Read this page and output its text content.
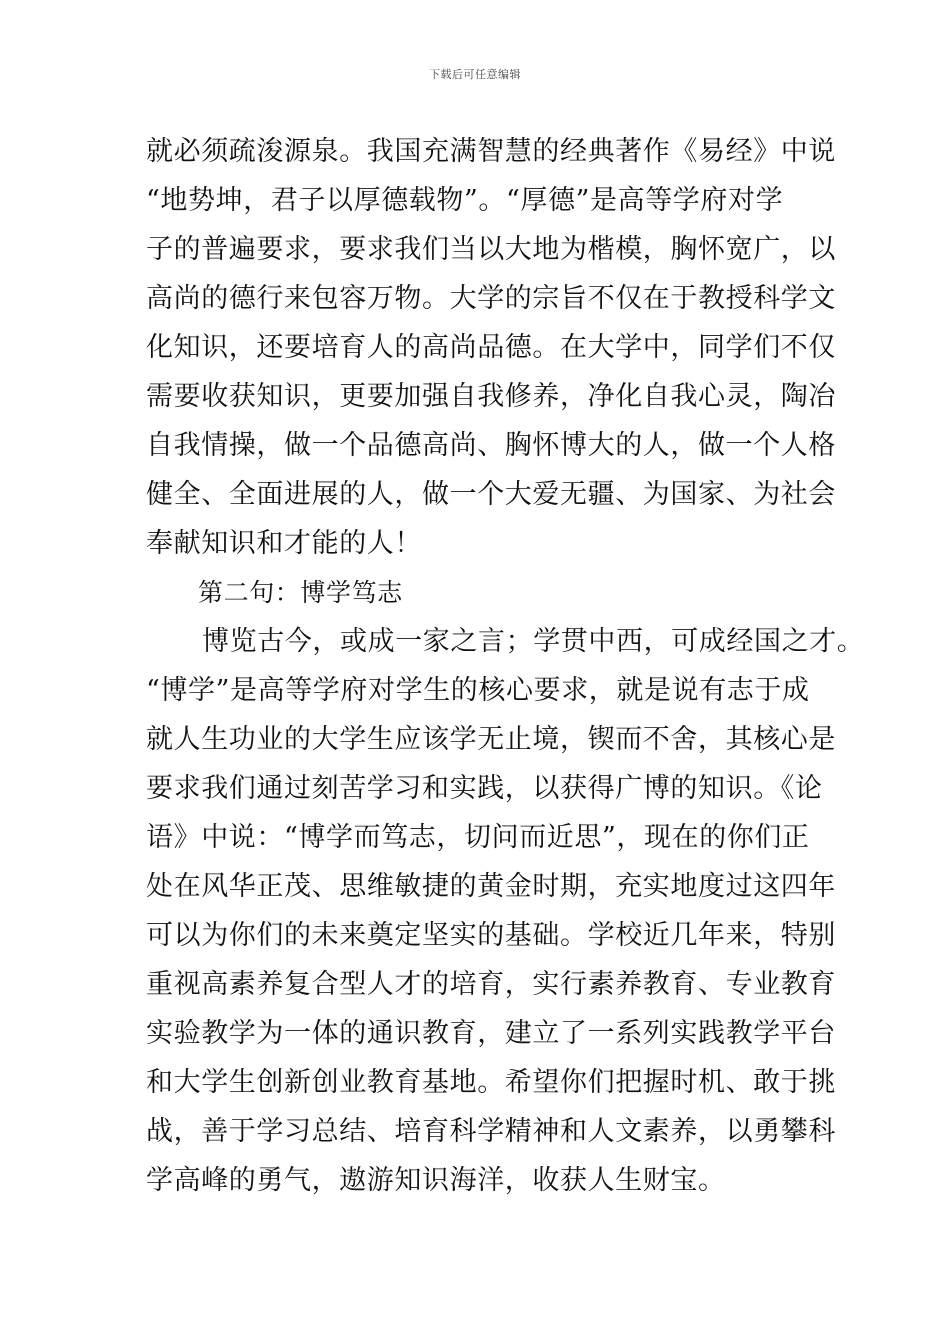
下载后可任意编辑
就必须疏浚源泉。我国充满智慧的经典著作《易经》中说
“地势坤，君子以厚德载物”。“厚德”是高等学府对学
子的普遍要求，要求我们当以大地为楷模，胸怀宽广，以
高尚的德行来包容万物。大学的宗旨不仅在于教授科学文
化知识，还要培育人的高尚品德。在大学中，同学们不仅
需要收获知识，更要加强自我修养，净化自我心灵，陶冶
自我情操，做一个品德高尚、胸怀博大的人，做一个人格
健全、全面进展的人，做一个大爱无疆、为国家、为社会
奉献知识和才能的人！
第二句：博学笃志
博览古今，或成一家之言；学贯中西，可成经国之才。
“博学”是高等学府对学生的核心要求，就是说有志于成
就人生功业的大学生应该学无止境，锲而不舍，其核心是
要求我们通过刻苦学习和实践，以获得广博的知识。《论
语》中说：“博学而笃志，切问而近思”，现在的你们正
处在风华正茂、思维敏捷的黄金时期，充实地度过这四年
可以为你们的未来奠定坚实的基础。学校近几年来，特别
重视高素养复合型人才的培育，实行素养教育、专业教育
实验教学为一体的通识教育，建立了一系列实践教学平台
和大学生创新创业教育基地。希望你们把握时机、敢于挑
战，善于学习总结、培育科学精神和人文素养，以勇攀科
学高峰的勇气，遨游知识海洋，收获人生财宝。
